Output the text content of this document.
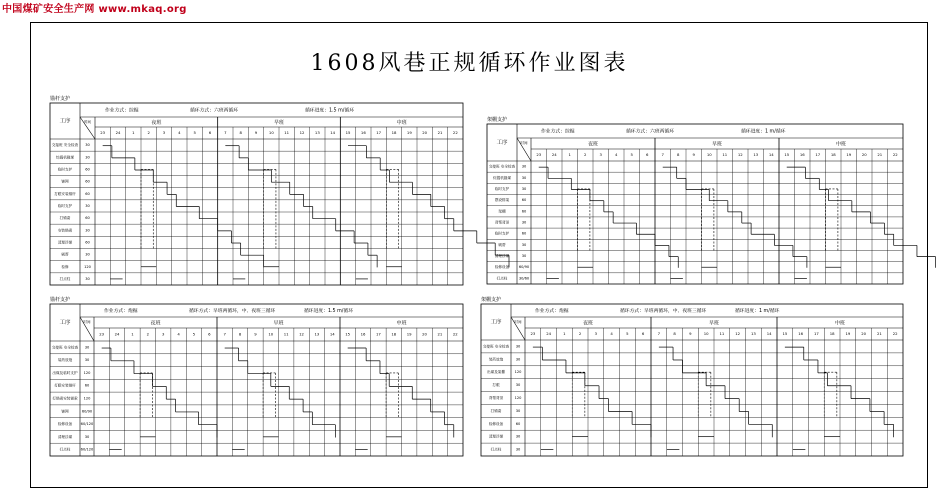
中国煤矿安全生产网 www.mkaq.org
1608风巷正规循环作业图表
锚杆支护
作业方式：综掘	循环方式：六班两循环	循环进度：1.5 m/循环
工序	时间	夜班	早班	中班
23	24	1	2	3	4	5	6	7	8	9	10	11	12	13	14	15	16	17	18	19	20	21	22
交接班 安全检查 30
综掘机割煤	30
临时支护	60
铺网	60
打眼安装锚杆	60
临时支护	30
打锚索	60
安装锚索	30
清理浮煤	60
刷帮	30
检修	120
打点柱	30
架棚支护
作业方式：综掘	循环方式：六班两循环	循环进度：1 m/循环
工序	时间	夜班	早班	中班
23	24	1	2	3	4	5	6	7	8	9	10	11	12	13	14	15	16	17	18	19	20	21	22
交接班 安全检查 30
综掘机割煤	30
临时支护	30
摆设排架	60
架棚	60
背帮背顶	30
临时支护	60
刷帮	30
清理浮煤	30
检修设备	60/90
打点柱	30/60
锚杆支护
作业方式：炮掘	循环方式：早班两循环，中、夜班三循环	循环进度：1.5 m/循环
工序	时间	夜班	早班	中班
23	24	1	2	3	4	5	6	7	8	9	10	11	12	13	14	15	16	17	18	19	20	21	22
交接班 安全检查 30
装药放炮	30
出煤及临时支护 120
打眼安装锚杆 60
打锚索安装锚索 120
铺网	60/90
检修设备 60/120
清理浮煤	30
打点柱	60/120
架棚支护
作业方式：炮掘	循环方式：早班两循环，中、夜班三循环	循环进度：1 m/循环
工序	时间	夜班	早班	中班
23	24	1	2	3	4	5	6	7	8	9	10	11	12	13	14	15	16	17	18	19	20	21	22
交接班 安全检查 30
装药放炮	30
出煤及架棚	120
打眼	30
背帮背顶	120
打锚索	30
检修设备	60
清理浮煤	30
打点柱	30
